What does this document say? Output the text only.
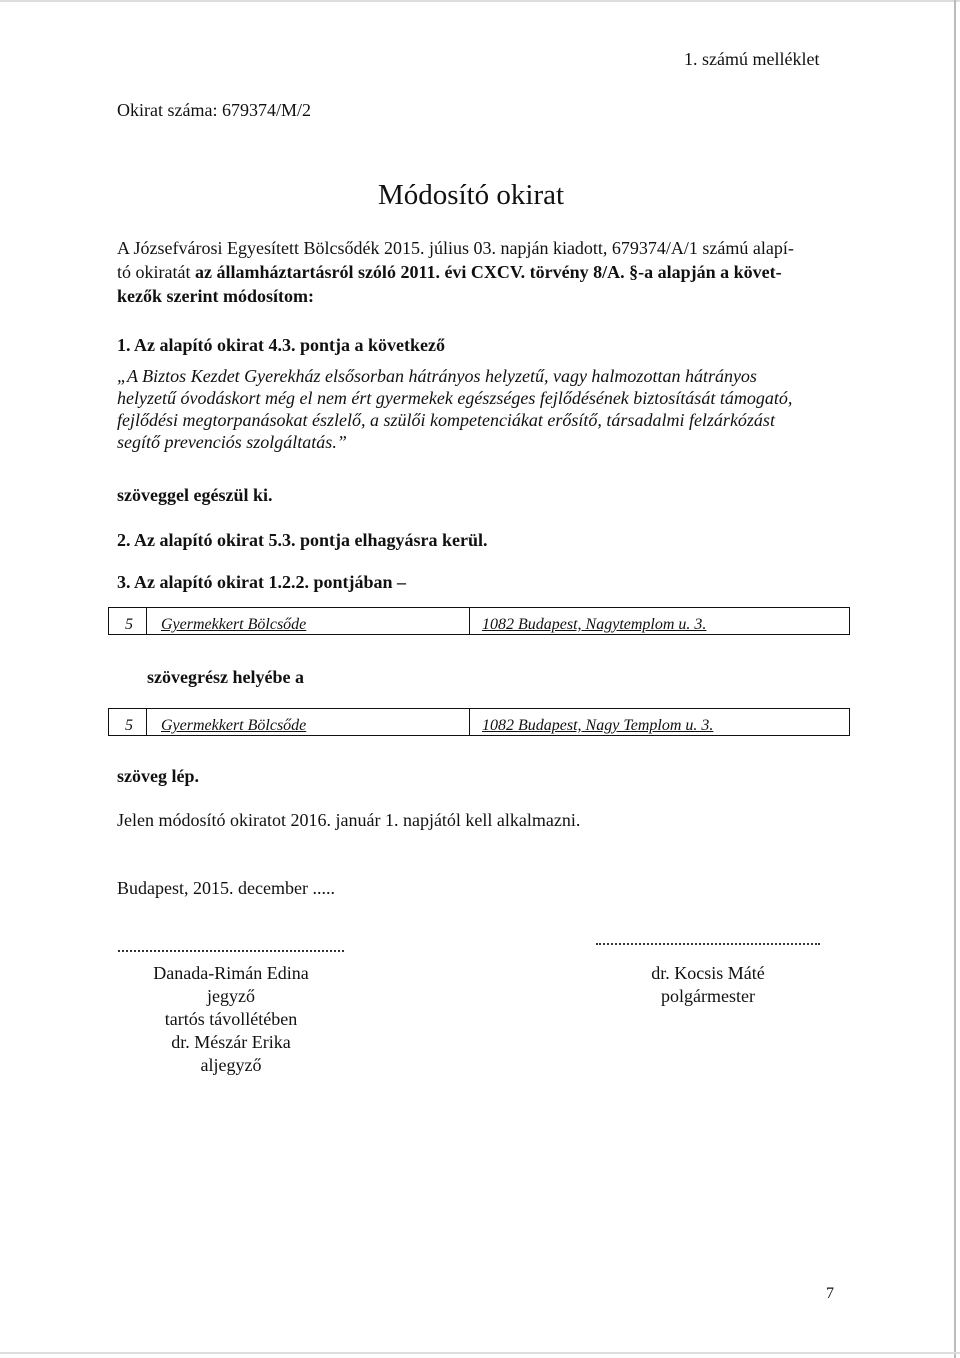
1. számú melléklet
Okirat száma: 679374/M/2
Módosító okirat
A Józsefvárosi Egyesített Bölcsődék 2015. július 03. napján kiadott, 679374/A/1 számú alapí-
tó okiratát az államháztartásról szóló 2011. évi CXCV. törvény 8/A. §-a alapján a követ-
kezők szerint módosítom:
1. Az alapító okirat 4.3. pontja a következő
„A Biztos Kezdet Gyerekház elsősorban hátrányos helyzetű, vagy halmozottan hátrányos
helyzetű óvodáskort még el nem ért gyermekek egészséges fejlődésének biztosítását támogató,
fejlődési megtorpanásokat észlelő, a szülői kompetenciákat erősítő, társadalmi felzárkózást
segítő prevenciós szolgáltatás.”
szöveggel egészül ki.
2. Az alapító okirat 5.3. pontja elhagyásra kerül.
3. Az alapító okirat 1.2.2. pontjában –
5	Gyermekkert Bölcsőde	1082 Budapest, Nagytemplom u. 3.
szövegrész helyébe a
5	Gyermekkert Bölcsőde	1082 Budapest, Nagy Templom u. 3.
szöveg lép.
Jelen módosító okiratot 2016. január 1. napjától kell alkalmazni.
Budapest, 2015. december .....
Danada-Rimán Edina
jegyző
tartós távollétében
dr. Mészár Erika
aljegyző
dr. Kocsis Máté
polgármester
7
